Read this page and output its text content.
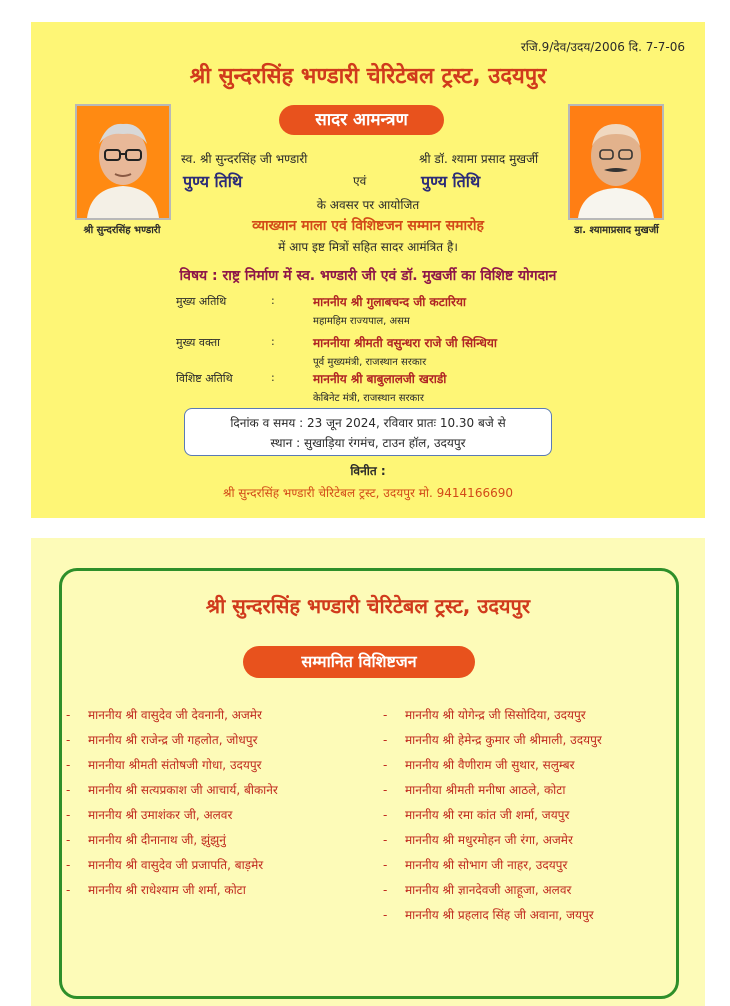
रजि.9/देव/उदय/2006 दि. 7-7-06
श्री सुन्दरसिंह भण्डारी चेरिटेबल ट्रस्ट, उदयपुर
सादर आमन्त्रण
श्री सुन्दरसिंह भण्डारी	डा. श्यामाप्रसाद मुखर्जी
स्व. श्री सुन्दरसिंह जी भण्डारी	श्री डॉ. श्यामा प्रसाद मुखर्जी
पुण्य तिथि	एवं	पुण्य तिथि
के अवसर पर आयोजित
व्याख्यान माला एवं विशिष्टजन सम्मान समारोह
में आप इष्ट मित्रों सहित सादर आमंत्रित है।
विषय : राष्ट्र निर्माण में स्व. भण्डारी जी एवं डॉ. मुखर्जी का विशिष्ट योगदान
मुख्य अतिथि	:	माननीय श्री गुलाबचन्द जी कटारिया
महामहिम राज्यपाल, असम
मुख्य वक्ता	:	माननीया श्रीमती वसुन्धरा राजे जी सिन्धिया
पूर्व मुख्यमंत्री, राजस्थान सरकार
विशिष्ट अतिथि	:	माननीय श्री बाबुलालजी खराडी
केबिनेट मंत्री, राजस्थान सरकार
दिनांक व समय : 23 जून 2024, रविवार प्रातः 10.30 बजे से
स्थान : सुखाड़िया रंगमंच, टाउन हॉल, उदयपुर
विनीत :
श्री सुन्दरसिंह भण्डारी चेरिटेबल ट्रस्ट, उदयपुर मो. 9414166690
श्री सुन्दरसिंह भण्डारी चेरिटेबल ट्रस्ट, उदयपुर
सम्मानित विशिष्टजन
- माननीय श्री वासुदेव जी देवनानी, अजमेर
- माननीय श्री राजेन्द्र जी गहलोत, जोधपुर
- माननीया श्रीमती संतोषजी गोधा, उदयपुर
- माननीय श्री सत्यप्रकाश जी आचार्य, बीकानेर
- माननीय श्री उमाशंकर जी, अलवर
- माननीय श्री दीनानाथ जी, झुंझुनुं
- माननीय श्री वासुदेव जी प्रजापति, बाड़मेर
- माननीय श्री राधेश्याम जी शर्मा, कोटा
- माननीय श्री योगेन्द्र जी सिसोदिया, उदयपुर
- माननीय श्री हेमेन्द्र कुमार जी श्रीमाली, उदयपुर
- माननीय श्री वैणीराम जी सुथार, सलुम्बर
- माननीया श्रीमती मनीषा आठले, कोटा
- माननीय श्री रमा कांत जी शर्मा, जयपुर
- माननीय श्री मधुरमोहन जी रंगा, अजमेर
- माननीय श्री सोभाग जी नाहर, उदयपुर
- माननीय श्री ज्ञानदेवजी आहूजा, अलवर
- माननीय श्री प्रहलाद सिंह जी अवाना, जयपुर
